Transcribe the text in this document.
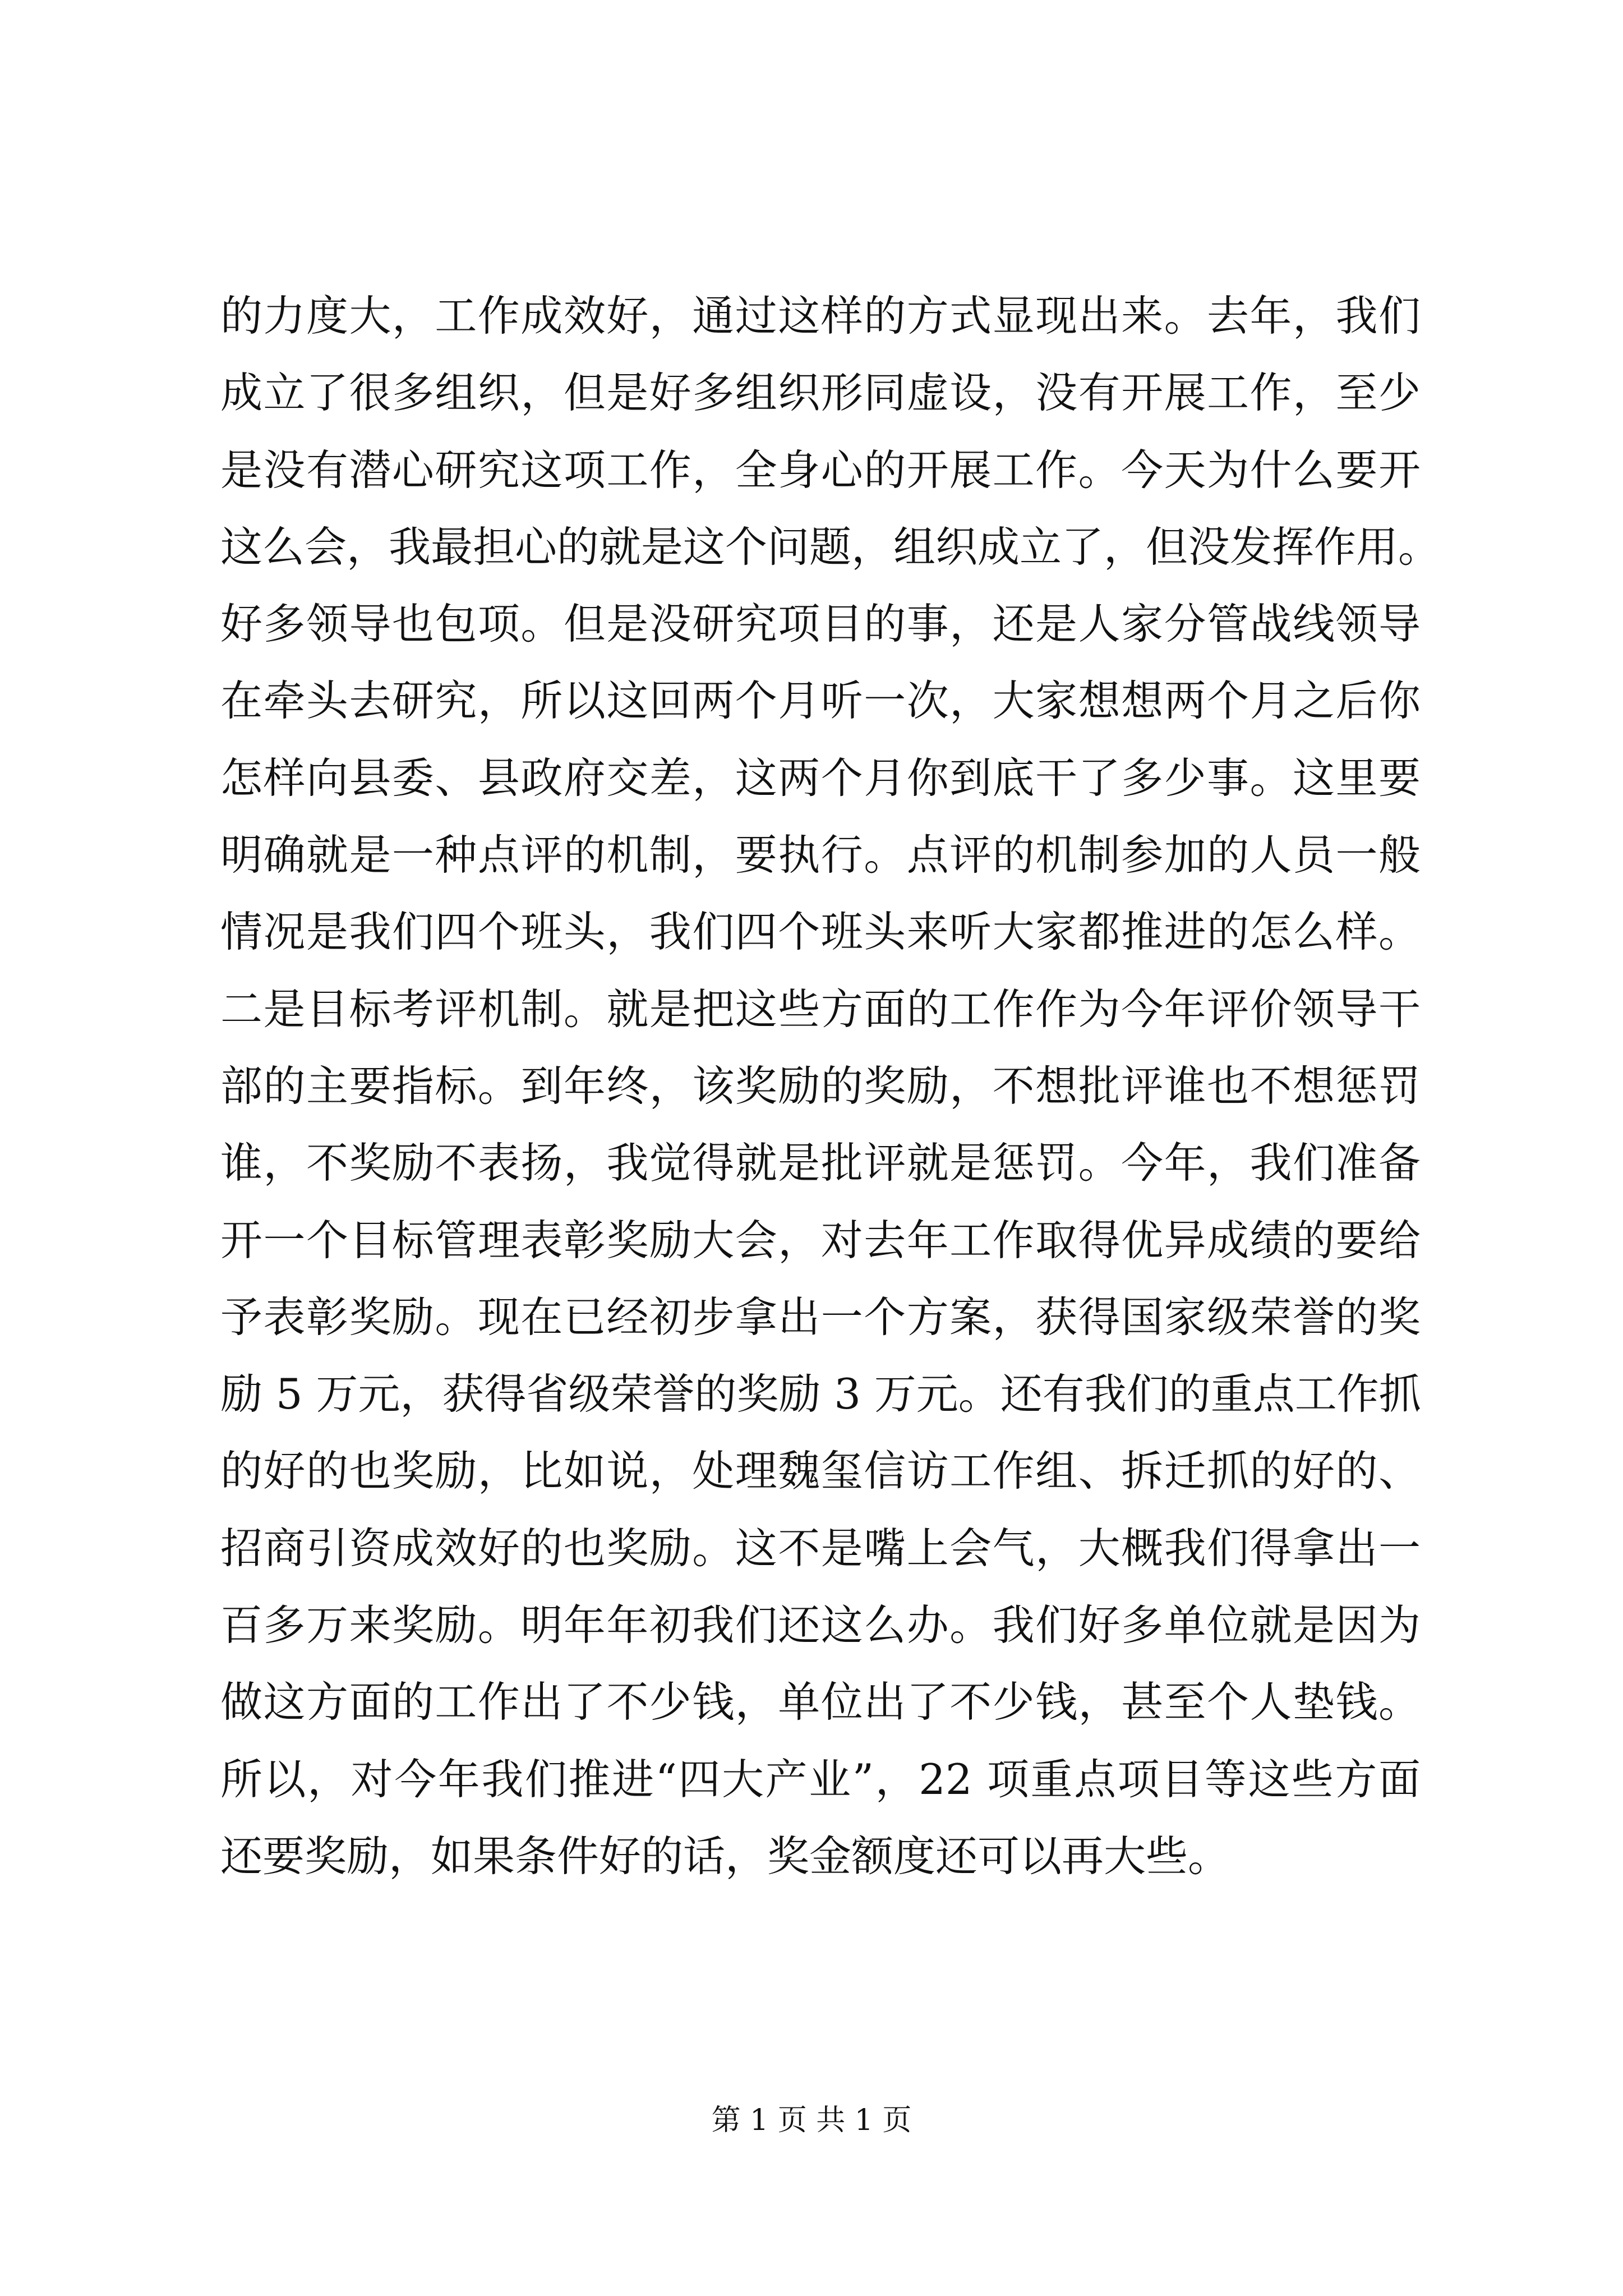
的力度大，工作成效好，通过这样的方式显现出来。去年，我们
成立了很多组织，但是好多组织形同虚设，没有开展工作，至少
是没有潜心研究这项工作，全身心的开展工作。今天为什么要开
这么会，我最担心的就是这个问题，组织成立了，但没发挥作用。
好多领导也包项。但是没研究项目的事，还是人家分管战线领导
在牵头去研究，所以这回两个月听一次，大家想想两个月之后你
怎样向县委、县政府交差，这两个月你到底干了多少事。这里要
明确就是一种点评的机制，要执行。点评的机制参加的人员一般
情况是我们四个班头，我们四个班头来听大家都推进的怎么样。
二是目标考评机制。就是把这些方面的工作作为今年评价领导干
部的主要指标。到年终，该奖励的奖励，不想批评谁也不想惩罚
谁，不奖励不表扬，我觉得就是批评就是惩罚。今年，我们准备
开一个目标管理表彰奖励大会，对去年工作取得优异成绩的要给
予表彰奖励。现在已经初步拿出一个方案，获得国家级荣誉的奖
励 5 万元，获得省级荣誉的奖励 3 万元。还有我们的重点工作抓
的好的也奖励，比如说，处理魏玺信访工作组、拆迁抓的好的、
招商引资成效好的也奖励。这不是嘴上会气，大概我们得拿出一
百多万来奖励。明年年初我们还这么办。我们好多单位就是因为
做这方面的工作出了不少钱，单位出了不少钱，甚至个人垫钱。
所以，对今年我们推进“四大产业”，22 项重点项目等这些方面
还要奖励，如果条件好的话，奖金额度还可以再大些。
第 1 页 共 1 页
